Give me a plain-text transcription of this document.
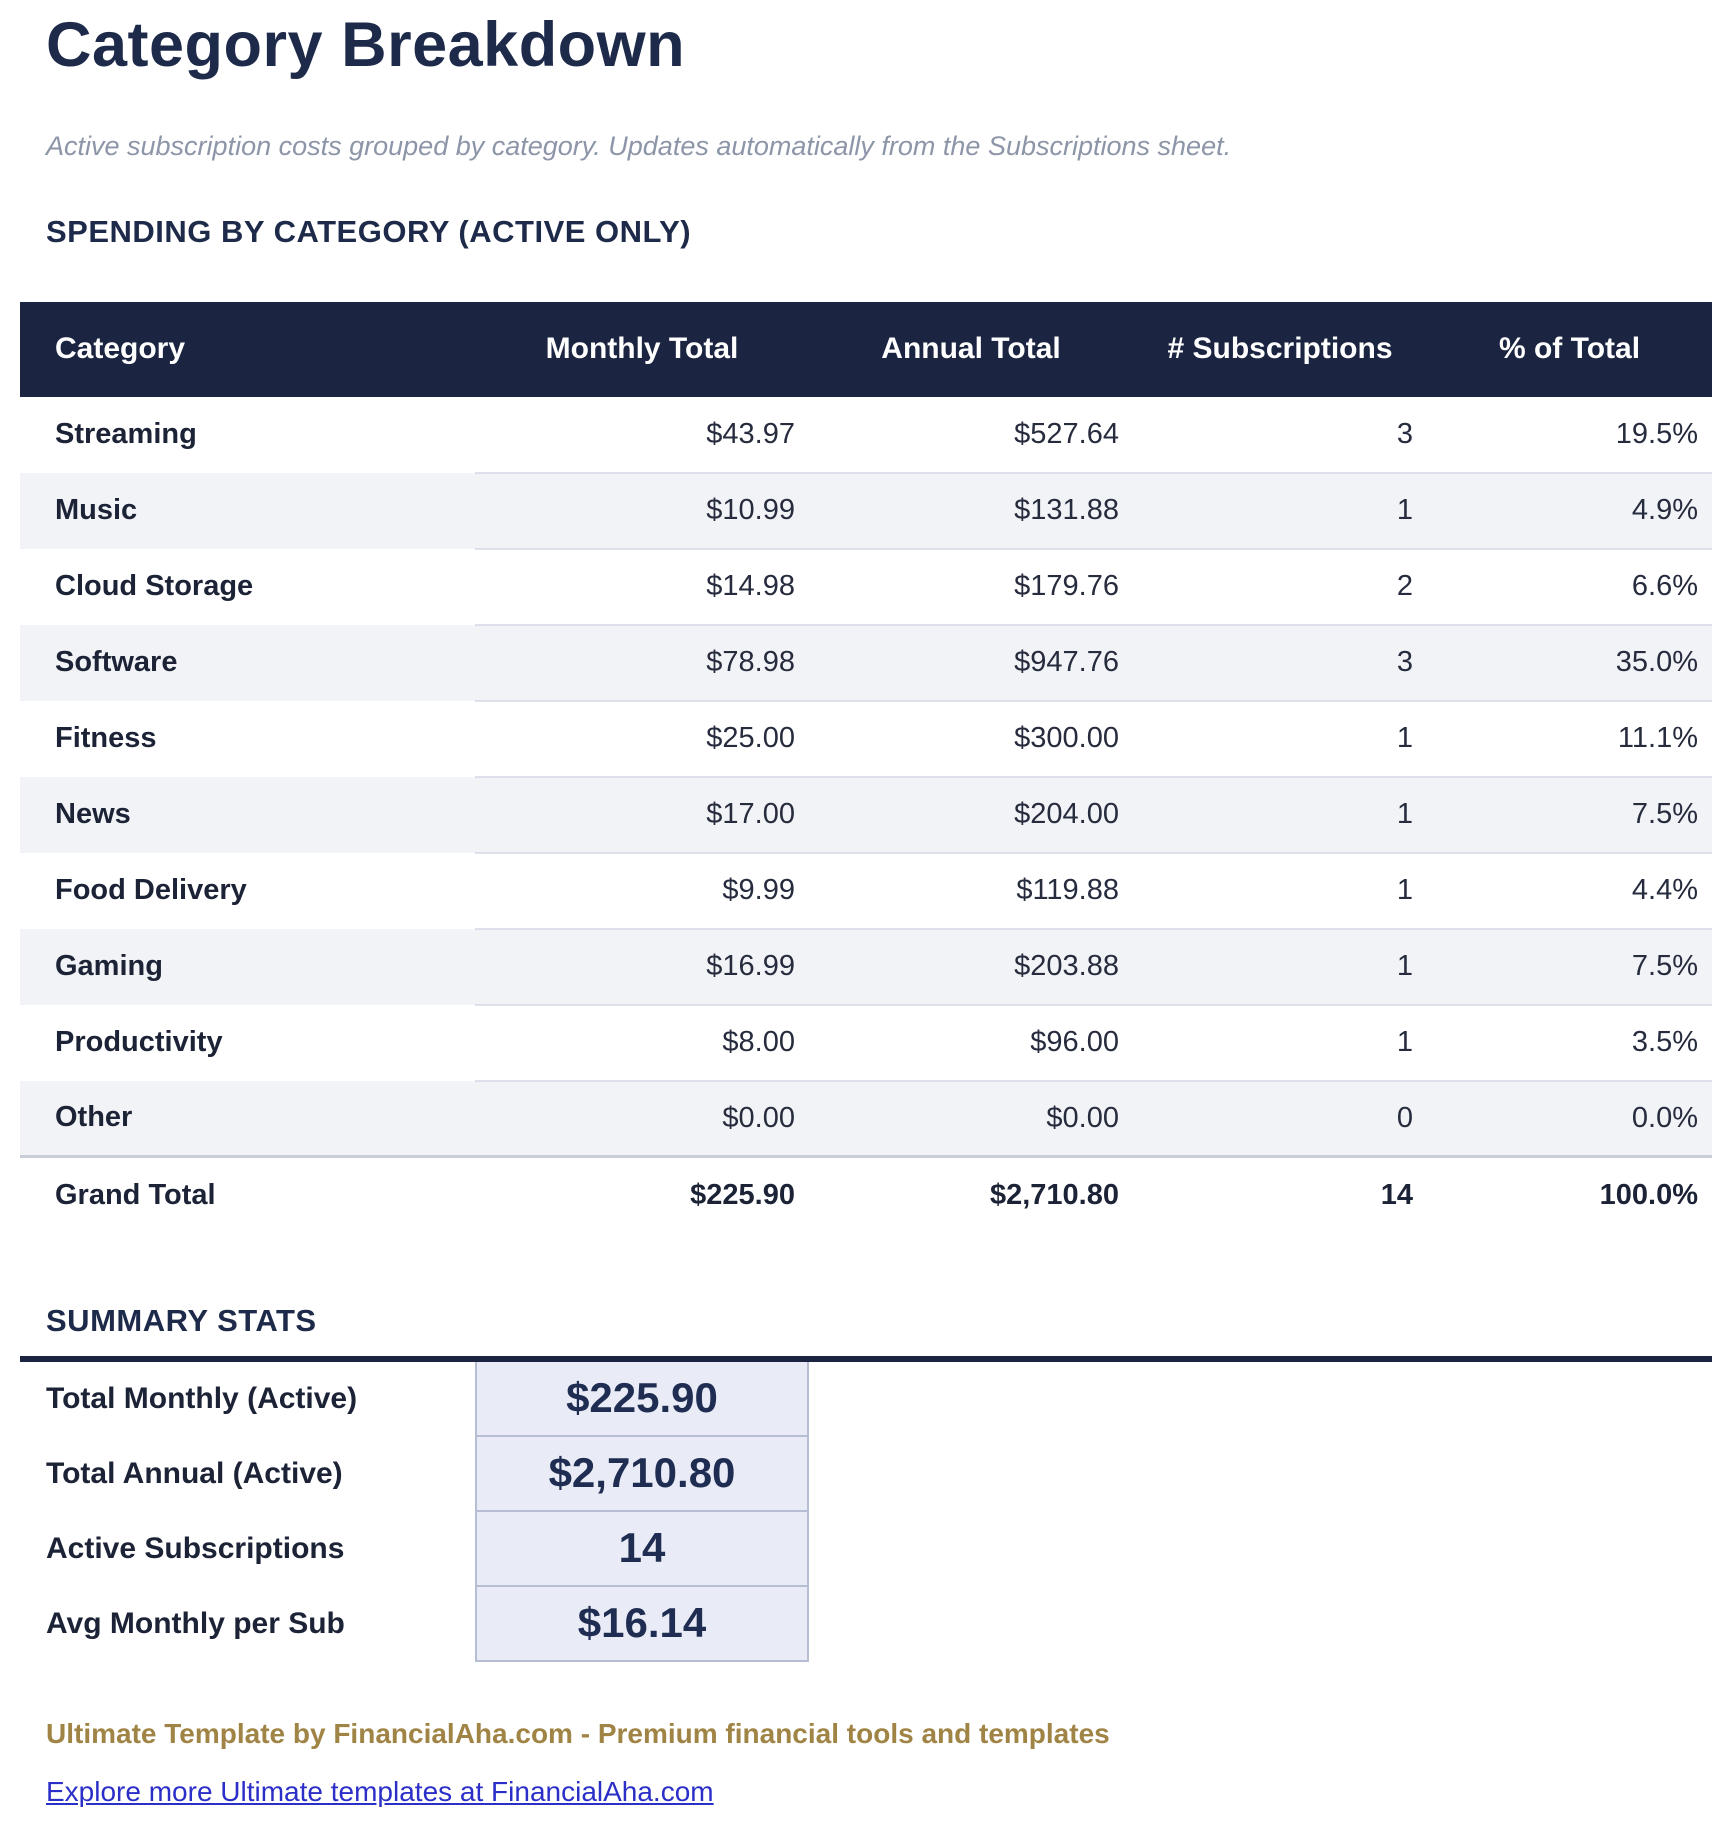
Category Breakdown

Active subscription costs grouped by category. Updates automatically from the Subscriptions sheet.

SPENDING BY CATEGORY (ACTIVE ONLY)
Category	Monthly Total	Annual Total	# Subscriptions	% of Total
Streaming	$43.97	$527.64	3	19.5%
Music	$10.99	$131.88	1	4.9%
Cloud Storage	$14.98	$179.76	2	6.6%
Software	$78.98	$947.76	3	35.0%
Fitness	$25.00	$300.00	1	11.1%
News	$17.00	$204.00	1	7.5%
Food Delivery	$9.99	$119.88	1	4.4%
Gaming	$16.99	$203.88	1	7.5%
Productivity	$8.00	$96.00	1	3.5%
Other	$0.00	$0.00	0	0.0%
Grand Total	$225.90	$2,710.80	14	100.0%
SUMMARY STATS
Total Monthly (Active)	$225.90
Total Annual (Active)	$2,710.80
Active Subscriptions	14
Avg Monthly per Sub	$16.14

Ultimate Template by FinancialAha.com - Premium financial tools and templates

Explore more Ultimate templates at FinancialAha.com
